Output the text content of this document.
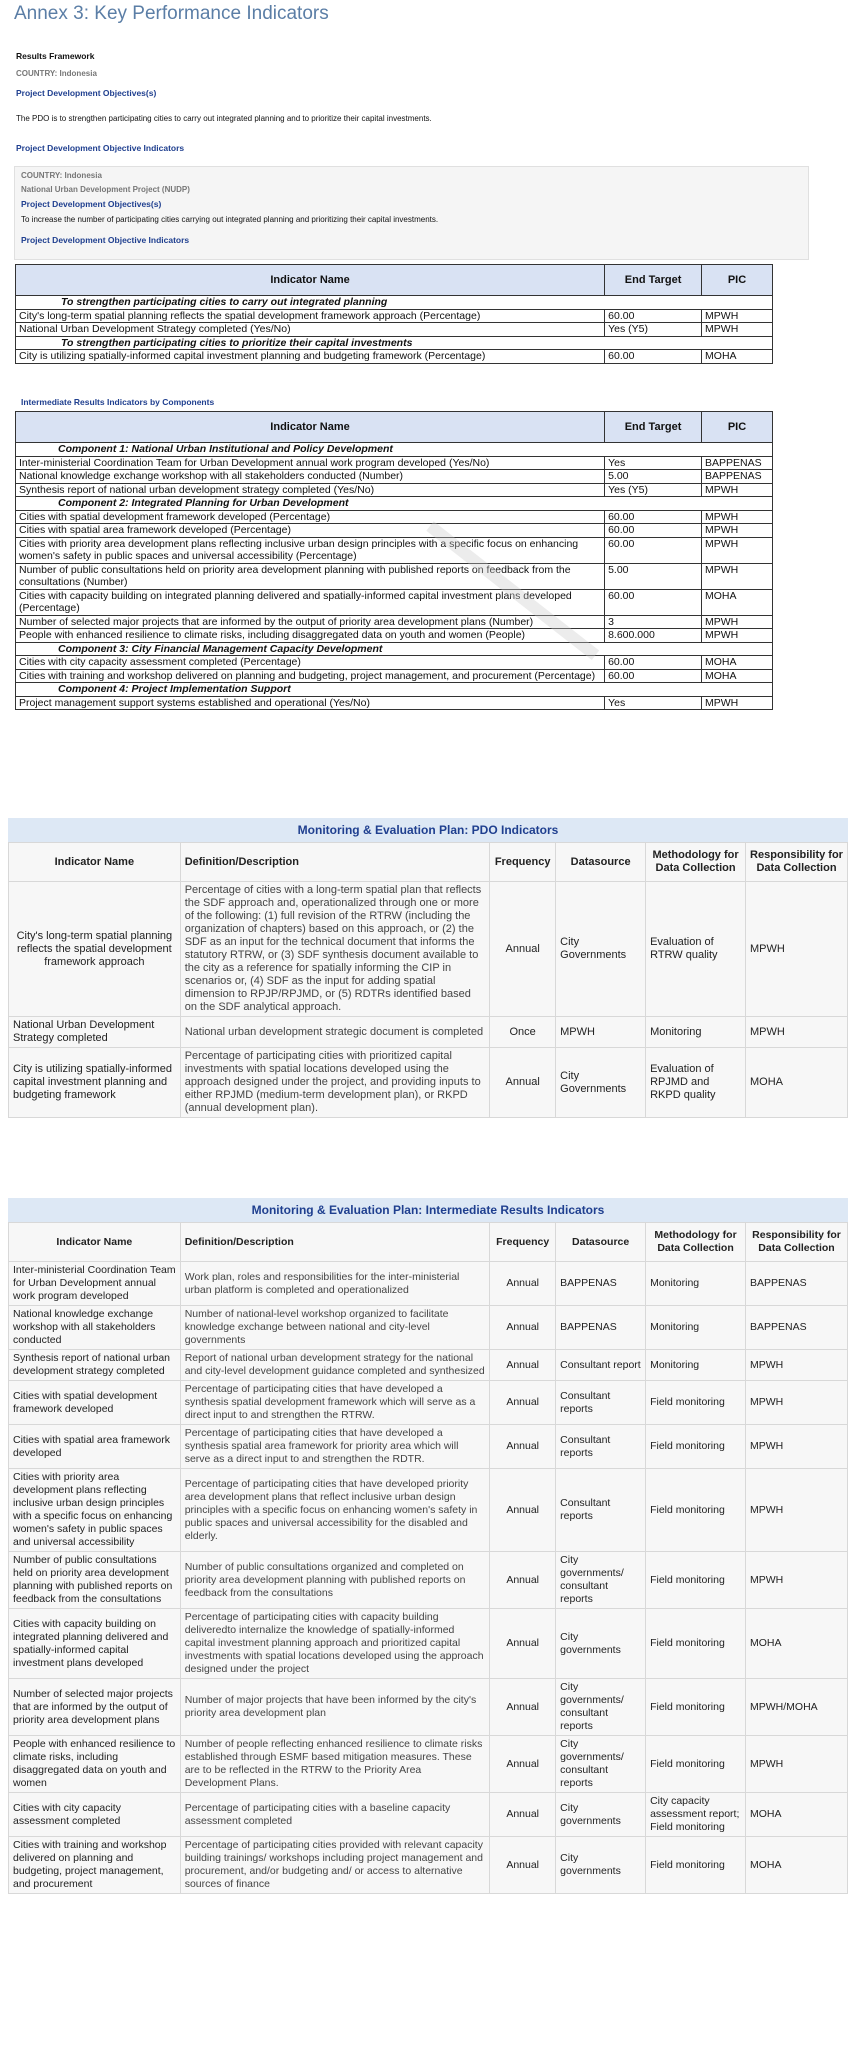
Annex 3: Key Performance Indicators
Results Framework
COUNTRY: Indonesia
Project Development Objectives(s)
The PDO is to strengthen participating cities to carry out integrated planning and to prioritize their capital investments.
Project Development Objective Indicators
COUNTRY: Indonesia
National Urban Development Project (NUDP)
Project Development Objectives(s)
To increase the number of participating cities carrying out integrated planning and prioritizing their capital investments.
Project Development Objective Indicators
Indicator Name	End Target	PIC
To strengthen participating cities to carry out integrated planning		
City's long-term spatial planning reflects the spatial development framework approach (Percentage)	60.00	MPWH
National Urban Development Strategy completed (Yes/No)	Yes (Y5)	MPWH
To strengthen participating cities to prioritize their capital investments		
City is utilizing spatially-informed capital investment planning and budgeting framework (Percentage)	60.00	MOHA
Intermediate Results Indicators by Components
Indicator Name	End Target	PIC
Component 1: National Urban Institutional and Policy Development		
Inter-ministerial Coordination Team for Urban Development annual work program developed (Yes/No)	Yes	BAPPENAS
National knowledge exchange workshop with all stakeholders conducted (Number)	5.00	BAPPENAS
Synthesis report of national urban development strategy completed (Yes/No)	Yes (Y5)	MPWH
Component 2: Integrated Planning for Urban Development		
Cities with spatial development framework developed (Percentage)	60.00	MPWH
Cities with spatial area framework developed (Percentage)	60.00	MPWH
Cities with priority area development plans reflecting inclusive urban design principles with a specific focus on enhancing women's safety in public spaces and universal accessibility (Percentage)	60.00	MPWH
Number of public consultations held on priority area development planning with published reports on feedback from the consultations (Number)	5.00	MPWH
Cities with capacity building on integrated planning delivered and spatially-informed capital investment plans developed (Percentage)	60.00	MOHA
Number of selected major projects that are informed by the output of priority area development plans (Number)	3	MPWH
People with enhanced resilience to climate risks, including disaggregated data on youth and women (People)	8.600.000	MPWH
Component 3: City Financial Management Capacity Development		
Cities with city capacity assessment completed (Percentage)	60.00	MOHA
Cities with training and workshop delivered on planning and budgeting, project management, and procurement (Percentage)	60.00	MOHA
Component 4: Project Implementation Support		
Project management support systems established and operational (Yes/No)	Yes	MPWH
Monitoring & Evaluation Plan: PDO Indicators
Indicator Name	Definition/Description	Frequency	Datasource	Methodology for Data Collection	Responsibility for Data Collection
City's long-term spatial planning reflects the spatial development framework approach	Percentage of cities with a long-term spatial plan that reflects the SDF approach and, operationalized through one or more of the following: (1) full revision of the RTRW (including the organization of chapters) based on this approach, or (2) the SDF as an input for the technical document that informs the statutory RTRW, or (3) SDF synthesis document available to the city as a reference for spatially informing the CIP in scenarios or, (4) SDF as the input for adding spatial dimension to RPJP/RPJMD, or (5) RDTRs identified based on the SDF analytical approach.	Annual	City Governments	Evaluation of RTRW quality	MPWH
National Urban Development Strategy completed	National urban development strategic document is completed	Once	MPWH	Monitoring	MPWH
City is utilizing spatially-informed capital investment planning and budgeting framework	Percentage of participating cities with prioritized capital investments with spatial locations developed using the approach designed under the project, and providing inputs to either RPJMD (medium-term development plan), or RKPD (annual development plan).	Annual	City Governments	Evaluation of RPJMD and RKPD quality	MOHA
Monitoring & Evaluation Plan: Intermediate Results Indicators
Indicator Name	Definition/Description	Frequency	Datasource	Methodology for Data Collection	Responsibility for Data Collection
Inter-ministerial Coordination Team for Urban Development annual work program developed	Work plan, roles and responsibilities for the inter-ministerial urban platform is completed and operationalized	Annual	BAPPENAS	Monitoring	BAPPENAS
National knowledge exchange workshop with all stakeholders conducted	Number of national-level workshop organized to facilitate knowledge exchange between national and city-level governments	Annual	BAPPENAS	Monitoring	BAPPENAS
Synthesis report of national urban development strategy completed	Report of national urban development strategy for the national and city-level development guidance completed and synthesized	Annual	Consultant report	Monitoring	MPWH
Cities with spatial development framework developed	Percentage of participating cities that have developed a synthesis spatial development framework which will serve as a direct input to and strengthen the RTRW.	Annual	Consultant reports	Field monitoring	MPWH
Cities with spatial area framework developed	Percentage of participating cities that have developed a synthesis spatial area framework for priority area which will serve as a direct input to and strengthen the RDTR.	Annual	Consultant reports	Field monitoring	MPWH
Cities with priority area development plans reflecting inclusive urban design principles with a specific focus on enhancing women's safety in public spaces and universal accessibility	Percentage of participating cities that have developed priority area development plans that reflect inclusive urban design principles with a specific focus on enhancing women's safety in public spaces and universal accessibility for the disabled and elderly.	Annual	Consultant reports	Field monitoring	MPWH
Number of public consultations held on priority area development planning with published reports on feedback from the consultations	Number of public consultations organized and completed on priority area development planning with published reports on feedback from the consultations	Annual	City governments/ consultant reports	Field monitoring	MPWH
Cities with capacity building on integrated planning delivered and spatially-informed capital investment plans developed	Percentage of participating cities with capacity building deliveredto internalize the knowledge of spatially-informed capital investment planning approach and prioritized capital investments with spatial locations developed using the approach designed under the project	Annual	City governments	Field monitoring	MOHA
Number of selected major projects that are informed by the output of priority area development plans	Number of major projects that have been informed by the city's priority area development plan	Annual	City governments/ consultant reports	Field monitoring	MPWH/MOHA
People with enhanced resilience to climate risks, including disaggregated data on youth and women	Number of people reflecting enhanced resilience to climate risks established through ESMF based mitigation measures. These are to be reflected in the RTRW to the Priority Area Development Plans.	Annual	City governments/ consultant reports	Field monitoring	MPWH
Cities with city capacity assessment completed	Percentage of participating cities with a baseline capacity assessment completed	Annual	City governments	City capacity assessment report; Field monitoring	MOHA
Cities with training and workshop delivered on planning and budgeting, project management, and procurement	Percentage of participating cities provided with relevant capacity building trainings/ workshops including project management and procurement, and/or budgeting and/ or access to alternative sources of finance	Annual	City governments	Field monitoring	MOHA
